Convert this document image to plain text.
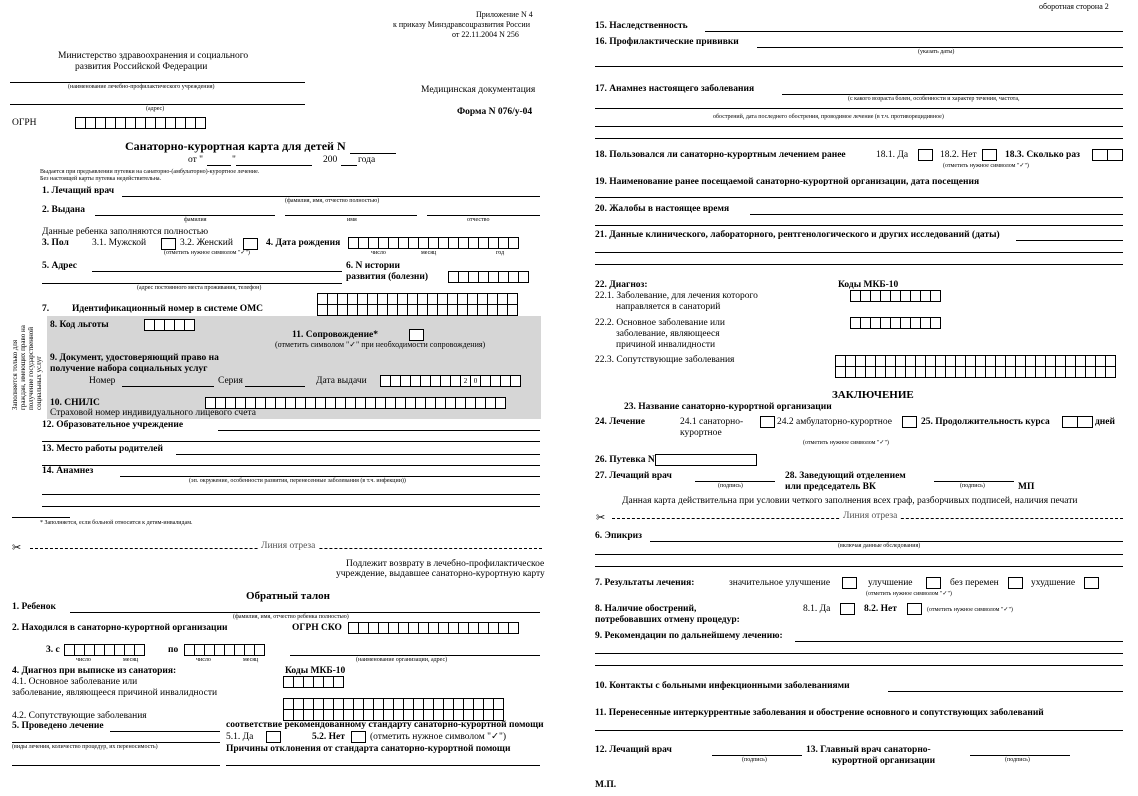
Приложение N 4
к приказу Минздравсоцразвития России
от 22.11.2004 N 256
Министерство здравоохранения и социального
развития Российской Федерации
(наименование лечебно-профилактического учреждения)
(адрес)
Медицинская документация
Форма N 076/у-04
ОГРН
Санаторно-курортная карта для детей N
от "	"	200 года
Выдается при предъявлении путевки на санаторно-(амбулаторно)-курортное лечение.
Без настоящей карты путевка недействительна.
1. Лечащий врач
(фамилия, имя, отчество полностью)
2. Выдана
фамилия	имя	отчество
Данные ребенка заполняются полностью
3. Пол 3.1. Мужской	3.2. Женский	4. Дата рождения
(отметить нужное символом "✓")	число	месяц	год
5. Адрес	6. N истории
развития (болезни)
(адрес постоянного места проживания, телефон)
7. Идентификационный номер в системе ОМС
Заполняется только для граждан, имеющих право на получение государственной социальных услуг
8. Код льготы
11. Сопровождение*
(отметить символом "✓" при необходимости сопровождения)
9. Документ, удостоверяющий право на
получение набора социальных услуг
Номер	Серия	Дата выдачи	2 0
10. СНИЛС
Страховой номер индивидуального лицевого счета
12. Образовательное учреждение
13. Место работы родителей
14. Анамнез
(эп. окружение, особенности развития, перенесенные заболевания (в т.ч. инфекции))
* Заполняется, если больной относится к детям-инвалидам.
✂	Линия отреза
Подлежит возврату в лечебно-профилактическое
учреждение, выдавшее санаторно-курортную карту
Обратный талон
1. Ребенок
(фамилия, имя, отчество ребенка полностью)
2. Находился в санаторно-курортной организации	ОГРН СКО
3. с	по
число	месяц	число	месяц	(наименование организации, адрес)
4. Диагноз при выписке из санатория:	Коды МКБ-10
4.1. Основное заболевание или
заболевание, являющееся причиной инвалидности
4.2. Сопутствующие заболевания
5. Проведено лечение	соответствие рекомендованному стандарту санаторно-курортной помощи
5.1. Да	5.2. Нет	(отметить нужное символом "✓")
(виды лечения, количество процедур, их переносимость)	Причины отклонения от стандарта санаторно-курортной помощи
оборотная сторона 2
15. Наследственность
16. Профилактические прививки
(указать даты)
17. Анамнез настоящего заболевания
(с какого возраста болен, особенности и характер течения, частота,
обострений, дата последнего обострения, проводимое лечение (в т.ч. противорецидивное)
18. Пользовался ли санаторно-курортным лечением ранее	18.1. Да	18.2. Нет	18.3. Сколько раз
(отметить нужное символом "✓")
19. Наименование ранее посещаемой санаторно-курортной организации, дата посещения
20. Жалобы в настоящее время
21. Данные клинического, лабораторного, рентгенологического и других исследований (даты)
22. Диагноз:	Коды МКБ-10
22.1. Заболевание, для лечения которого
направляется в санаторий
22.2. Основное заболевание или
заболевание, являющееся
причиной инвалидности
22.3. Сопутствующие заболевания
ЗАКЛЮЧЕНИЕ
23. Название санаторно-курортной организации
24. Лечение	24.1 санаторно-
курортное
24.2 амбулаторно-курортное	25. Продолжительность курса	дней
(отметить нужное символом "✓")
26. Путевка N
27. Лечащий врач
(подпись)
28. Заведующий отделением
или председатель ВК	(подпись)	МП
Данная карта действительна при условии четкого заполнения всех граф, разборчивых подписей, наличия печати
✂	Линия отреза
6. Эпикриз
(включая данные обследования)
7. Результаты лечения:	значительное улучшение	улучшение	без перемен	ухудшение
(отметить нужное символом "✓")
8. Наличие обострений,
потребовавших отмену процедур:
8.1. Да	8.2. Нет	(отметить нужное символом "✓")
9. Рекомендации по дальнейшему лечению:
10. Контакты с больными инфекционными заболеваниями
11. Перенесенные интеркуррентные заболевания и обострение основного и сопутствующих заболеваний
12. Лечащий врач
(подпись)
13. Главный врач санаторно-
курортной организации	(подпись)
М.П.
